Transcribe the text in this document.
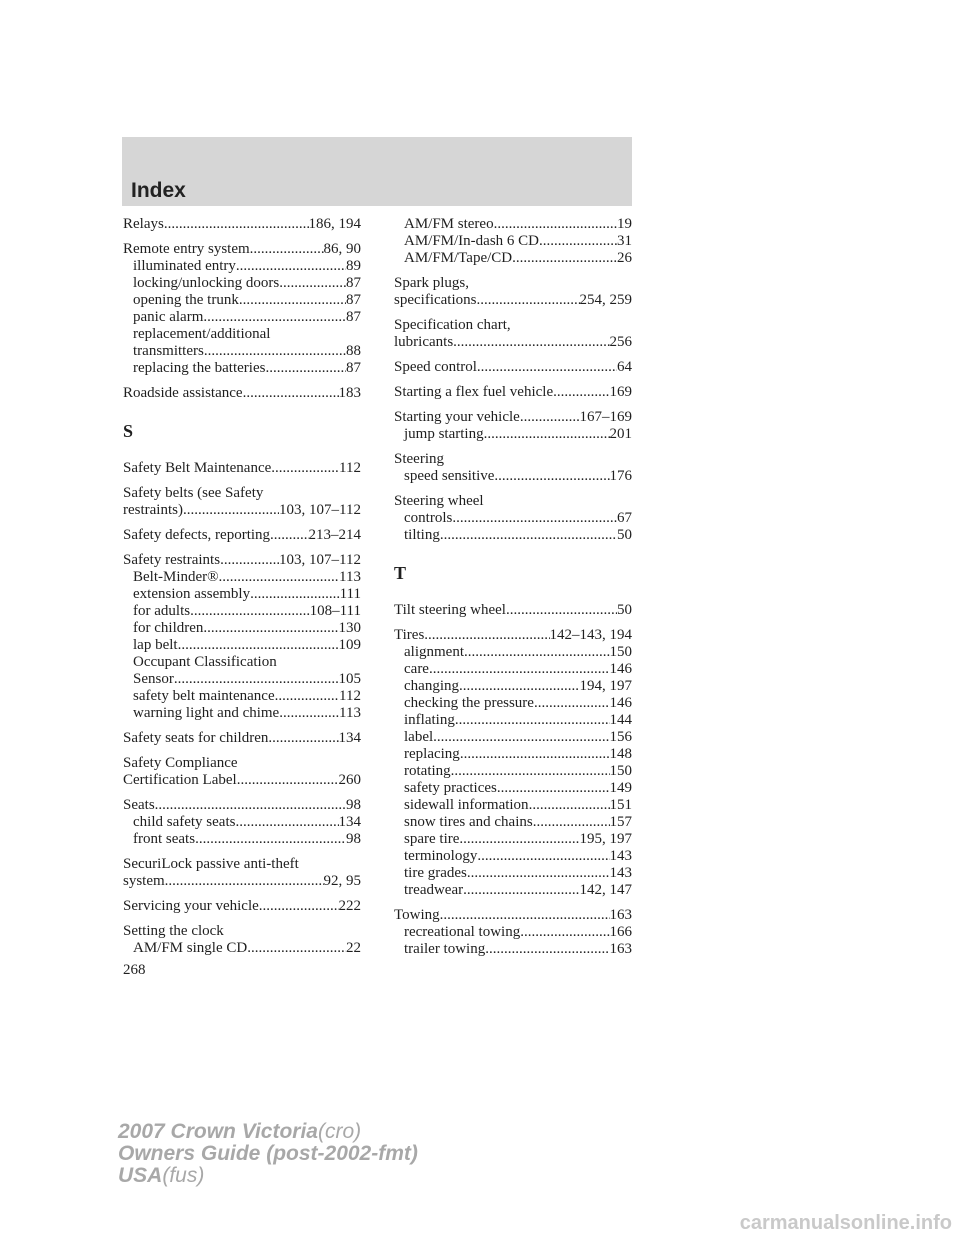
Index
Relays .....	186, 194
Remote entry system .....	86, 90
illuminated entry .....	89
locking/unlocking doors .....	87
opening the trunk .....	87
panic alarm .....	87
replacement/additional
transmitters .....	88
replacing the batteries .....	87
Roadside assistance .....	183
S
Safety Belt Maintenance .....	112
Safety belts (see Safety
restraints) .....	103, 107–112
Safety defects, reporting .....	213–214
Safety restraints .....	103, 107–112
Belt-Minder® .....	113
extension assembly .....	111
for adults .....	108–111
for children .....	130
lap belt .....	109
Occupant Classification
Sensor .....	105
safety belt maintenance .....	112
warning light and chime .....	113
Safety seats for children .....	134
Safety Compliance
Certification Label .....	260
Seats .....	98
child safety seats .....	134
front seats .....	98
SecuriLock passive anti-theft
system .....	92, 95
Servicing your vehicle .....	222
Setting the clock
AM/FM single CD .....	22
AM/FM stereo .....	19
AM/FM/In-dash 6 CD .....	31
AM/FM/Tape/CD .....	26
Spark plugs,
specifications .....	254, 259
Specification chart,
lubricants .....	256
Speed control .....	64
Starting a flex fuel vehicle .....	169
Starting your vehicle .....	167–169
jump starting .....	201
Steering
speed sensitive .....	176
Steering wheel
controls .....	67
tilting .....	50
T
Tilt steering wheel .....	50
Tires .....	142–143, 194
alignment .....	150
care .....	146
changing .....	194, 197
checking the pressure .....	146
inflating .....	144
label .....	156
replacing .....	148
rotating .....	150
safety practices .....	149
sidewall information .....	151
snow tires and chains .....	157
spare tire .....	195, 197
terminology .....	143
tire grades .....	143
treadwear .....	142, 147
Towing .....	163
recreational towing .....	166
trailer towing .....	163
268
2007 Crown Victoria(cro)
Owners Guide (post-2002-fmt)
USA(fus)
carmanualsonline.info
